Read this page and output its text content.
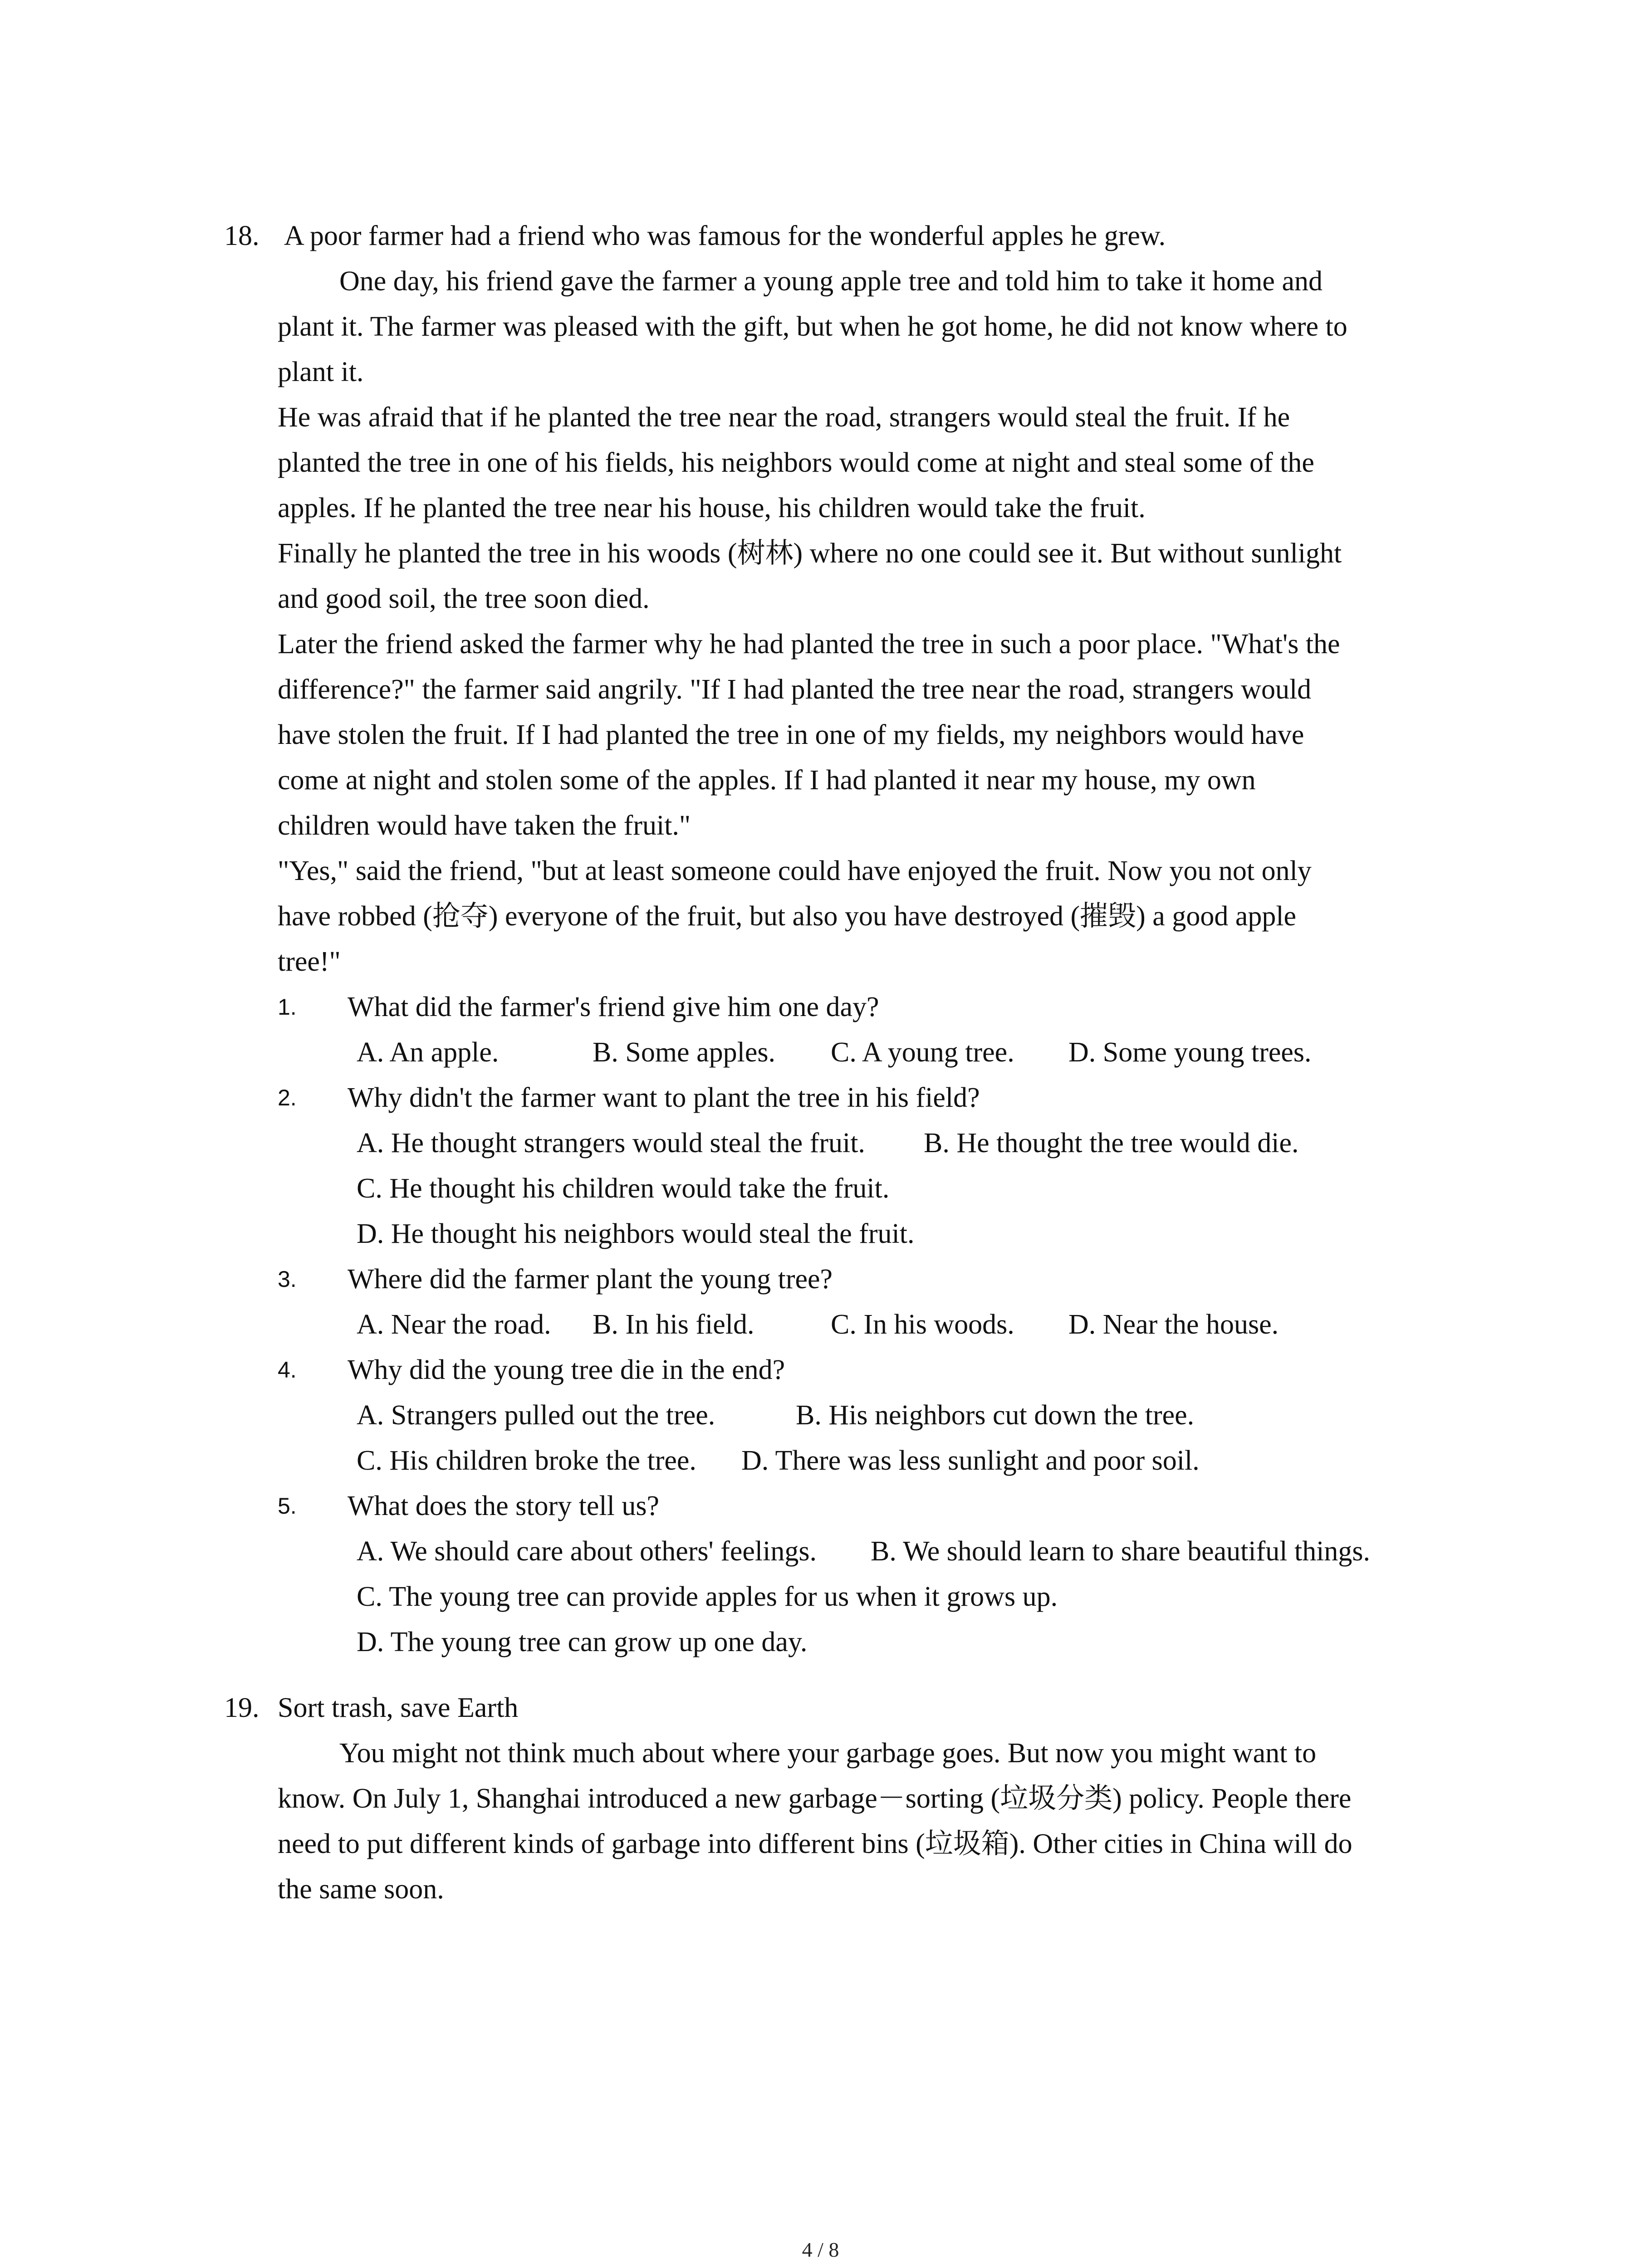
18. A poor farmer had a friend who was famous for the wonderful apples he grew.
One day, his friend gave the farmer a young apple tree and told him to take it home and
plant it. The farmer was pleased with the gift, but when he got home, he did not know where to
plant it.
He was afraid that if he planted the tree near the road, strangers would steal the fruit. If he
planted the tree in one of his fields, his neighbors would come at night and steal some of the
apples. If he planted the tree near his house, his children would take the fruit.
Finally he planted the tree in his woods (树林) where no one could see it. But without sunlight
and good soil, the tree soon died.
Later the friend asked the farmer why he had planted the tree in such a poor place. "What's the
difference?" the farmer said angrily. "If I had planted the tree near the road, strangers would
have stolen the fruit. If I had planted the tree in one of my fields, my neighbors would have
come at night and stolen some of the apples. If I had planted it near my house, my own
children would have taken the fruit."
"Yes," said the friend, "but at least someone could have enjoyed the fruit. Now you not only
have robbed (抢夺) everyone of the fruit, but also you have destroyed (摧毁) a good apple
tree!"
1. What did the farmer's friend give him one day?
A. An apple.	B. Some apples. C. A young tree. D. Some young trees.
2. Why didn't the farmer want to plant the tree in his field?
A. He thought strangers would steal the fruit. B. He thought the tree would die.
C. He thought his children would take the fruit.
D. He thought his neighbors would steal the fruit.
3. Where did the farmer plant the young tree?
A. Near the road. B. In his field.	C. In his woods. D. Near the house.
4. Why did the young tree die in the end?
A. Strangers pulled out the tree.	B. His neighbors cut down the tree.
C. His children broke the tree. D. There was less sunlight and poor soil.
5. What does the story tell us?
A. We should care about others' feelings. B. We should learn to share beautiful things.
C. The young tree can provide apples for us when it grows up.
D. The young tree can grow up one day.
19. Sort trash, save Earth
You might not think much about where your garbage goes. But now you might want to
know. On July 1, Shanghai introduced a new garbage－sorting (垃圾分类) policy. People there
need to put different kinds of garbage into different bins (垃圾箱). Other cities in China will do
the same soon.
4 / 8
